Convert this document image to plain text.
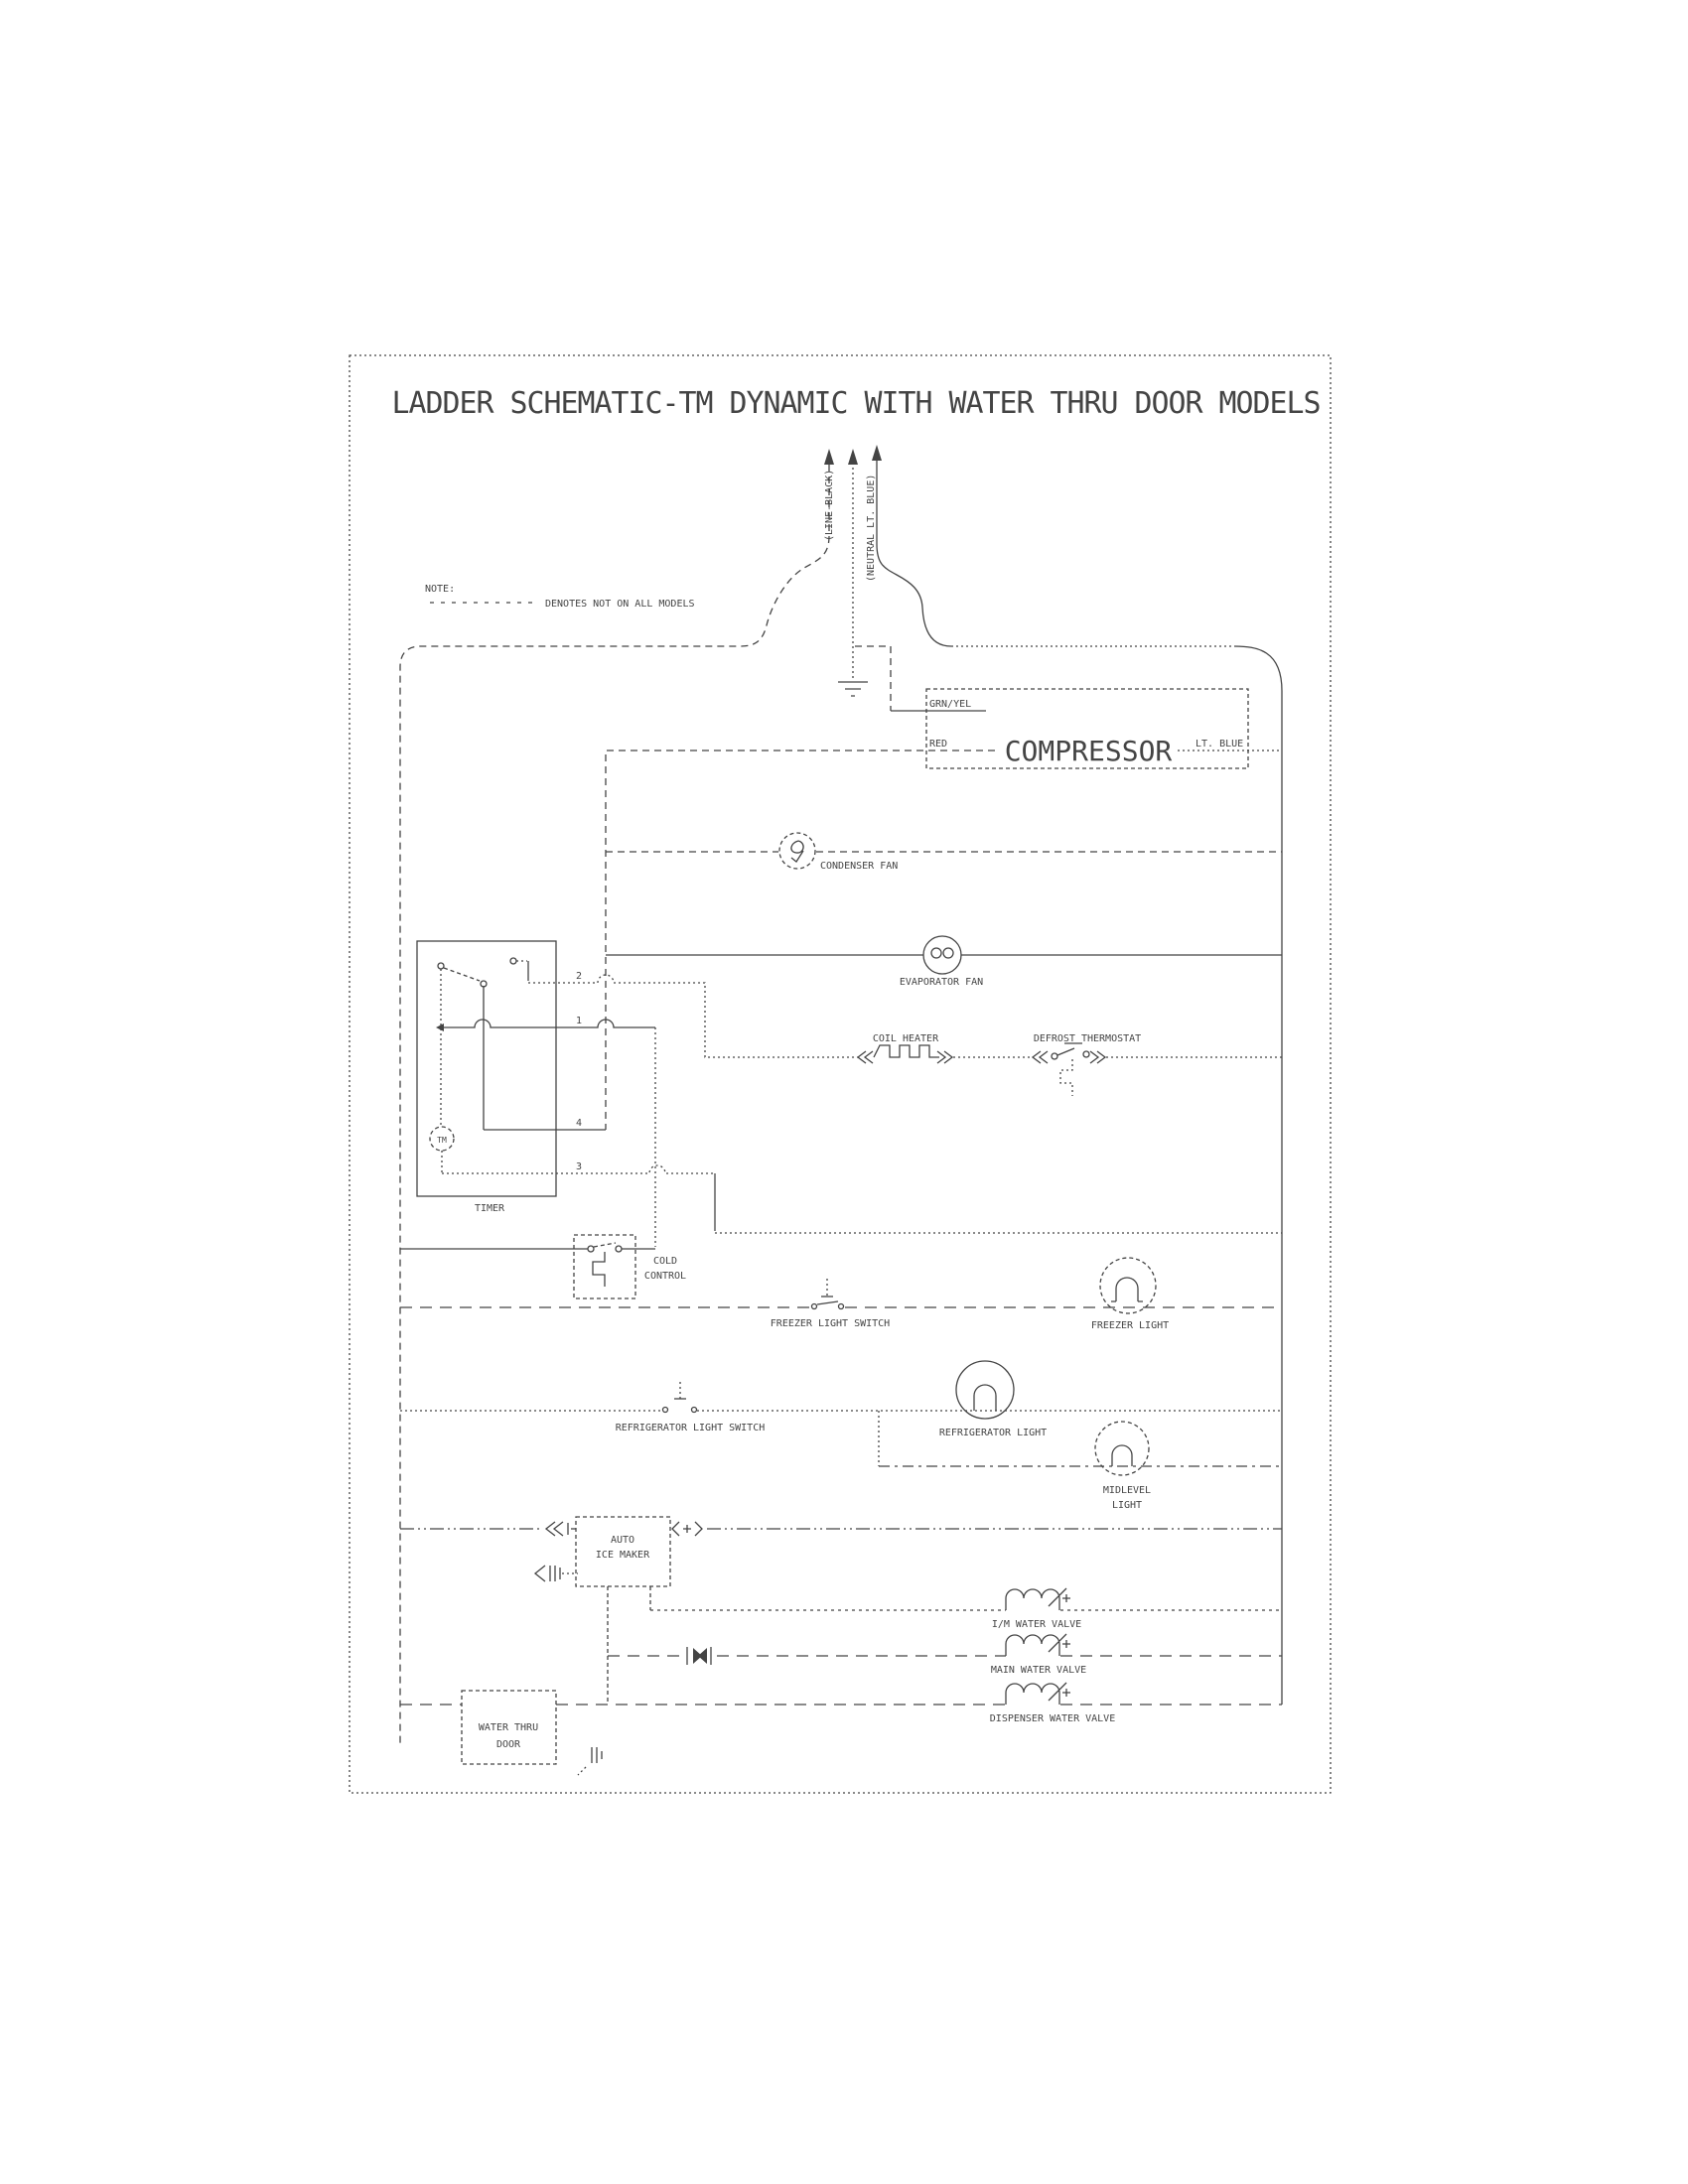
LADDER SCHEMATIC-TM DYNAMIC WITH WATER THRU DOOR MODELS
NOTE:
DENOTES NOT ON ALL MODELS
(LINE-BLACK)	(NEUTRAL LT. BLUE)
GRN/YEL
RED COMPRESSOR LT. BLUE
CONDENSER FAN
EVAPORATOR FAN
COIL HEATER	DEFROST THERMOSTAT
TIMER
TM
2
1
4
3
COLD
CONTROL
FREEZER LIGHT SWITCH	FREEZER LIGHT
REFRIGERATOR LIGHT SWITCH	REFRIGERATOR LIGHT
MIDLEVEL
LIGHT
AUTO
ICE MAKER
I/M WATER VALVE
MAIN WATER VALVE
WATER THRU
DOOR
DISPENSER WATER VALVE
